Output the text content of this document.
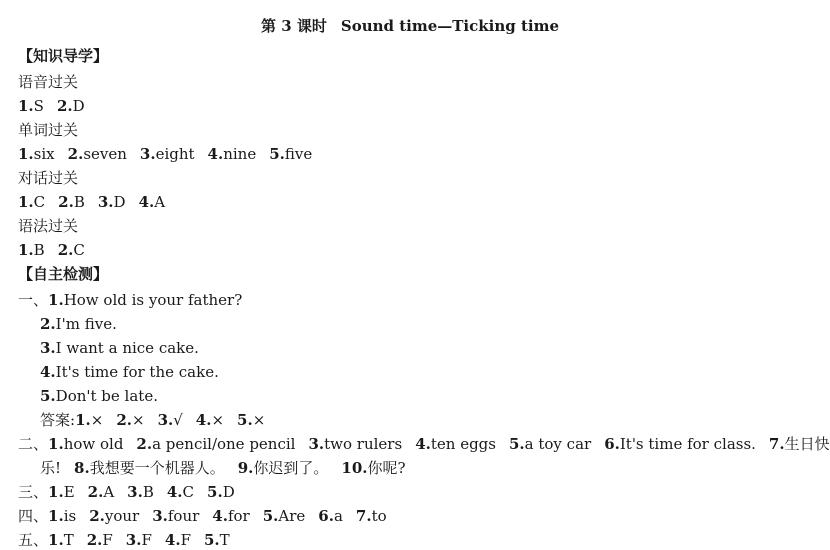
第 3 课时 Sound time—Ticking time
【知识导学】
语音过关
1.S 2.D
单词过关
1.six 2.seven 3.eight 4.nine 5.five
对话过关
1.C 2.B 3.D 4.A
语法过关
1.B 2.C
【自主检测】
一、1.How old is your father?
2.I'm five.
3.I want a nice cake.
4.It's time for the cake.
5.Don't be late.
答案:1.× 2.× 3.√ 4.× 5.×
二、1.how old 2.a pencil/one pencil 3.two rulers 4.ten eggs 5.a toy car 6.It's time for class. 7.生日快
乐! 8.我想要一个机器人。 9.你迟到了。 10.你呢?
三、1.E 2.A 3.B 4.C 5.D
四、1.is 2.your 3.four 4.for 5.Are 6.a 7.to
五、1.T 2.F 3.F 4.F 5.T
